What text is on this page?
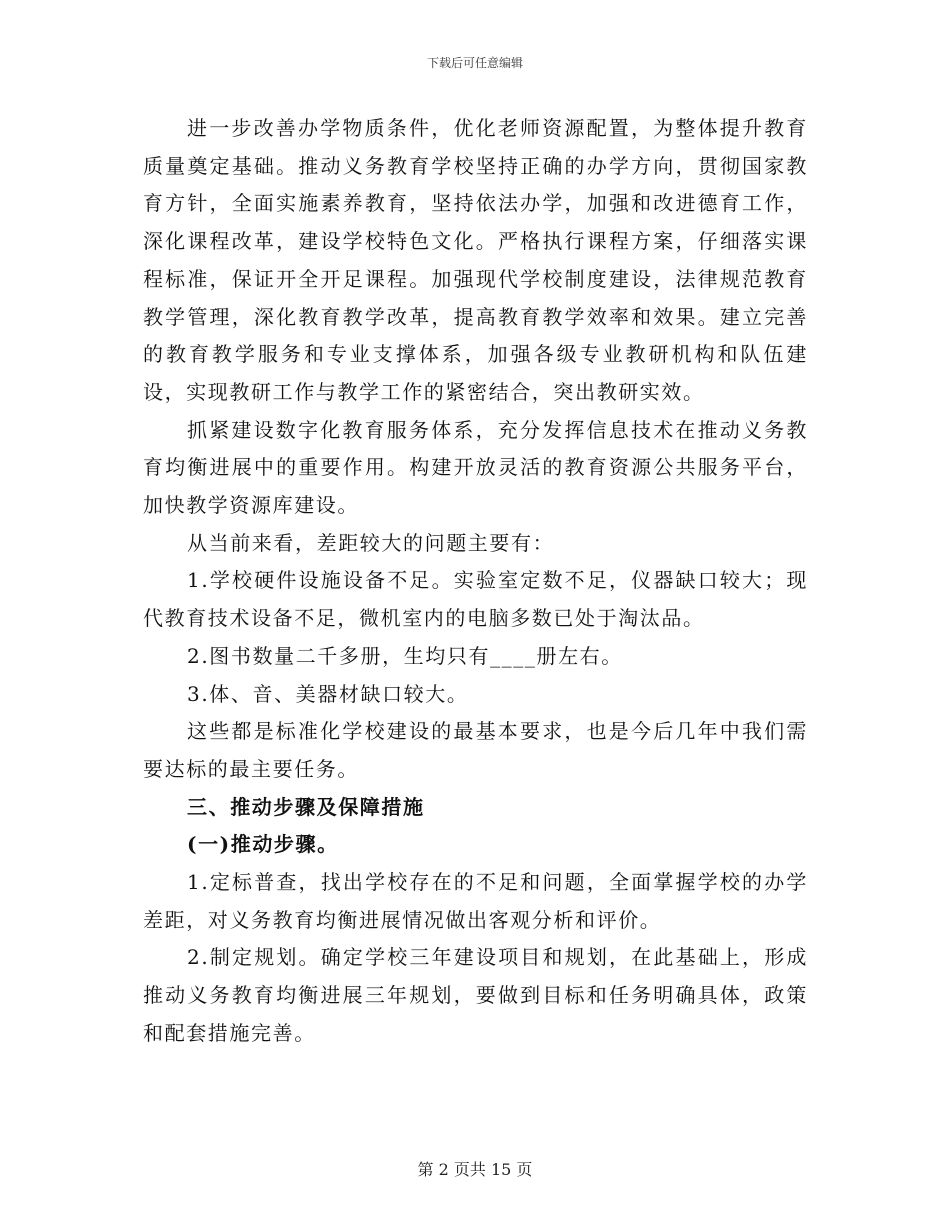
下载后可任意编辑

进一步改善办学物质条件，优化老师资源配置，为整体提升教育质量奠定基础。推动义务教育学校坚持正确的办学方向，贯彻国家教育方针，全面实施素养教育，坚持依法办学，加强和改进德育工作，深化课程改革，建设学校特色文化。严格执行课程方案，仔细落实课程标准，保证开全开足课程。加强现代学校制度建设，法律规范教育教学管理，深化教育教学改革，提高教育教学效率和效果。建立完善的教育教学服务和专业支撑体系，加强各级专业教研机构和队伍建设，实现教研工作与教学工作的紧密结合，突出教研实效。

抓紧建设数字化教育服务体系，充分发挥信息技术在推动义务教育均衡进展中的重要作用。构建开放灵活的教育资源公共服务平台，加快教学资源库建设。

从当前来看，差距较大的问题主要有：

1.学校硬件设施设备不足。实验室定数不足，仪器缺口较大；现代教育技术设备不足，微机室内的电脑多数已处于淘汰品。

2.图书数量二千多册，生均只有____册左右。

3.体、音、美器材缺口较大。

这些都是标准化学校建设的最基本要求，也是今后几年中我们需要达标的最主要任务。

三、推动步骤及保障措施

(一)推动步骤。

1.定标普查，找出学校存在的不足和问题，全面掌握学校的办学差距，对义务教育均衡进展情况做出客观分析和评价。

2.制定规划。确定学校三年建设项目和规划，在此基础上，形成推动义务教育均衡进展三年规划，要做到目标和任务明确具体，政策和配套措施完善。

第 2 页共 15 页
